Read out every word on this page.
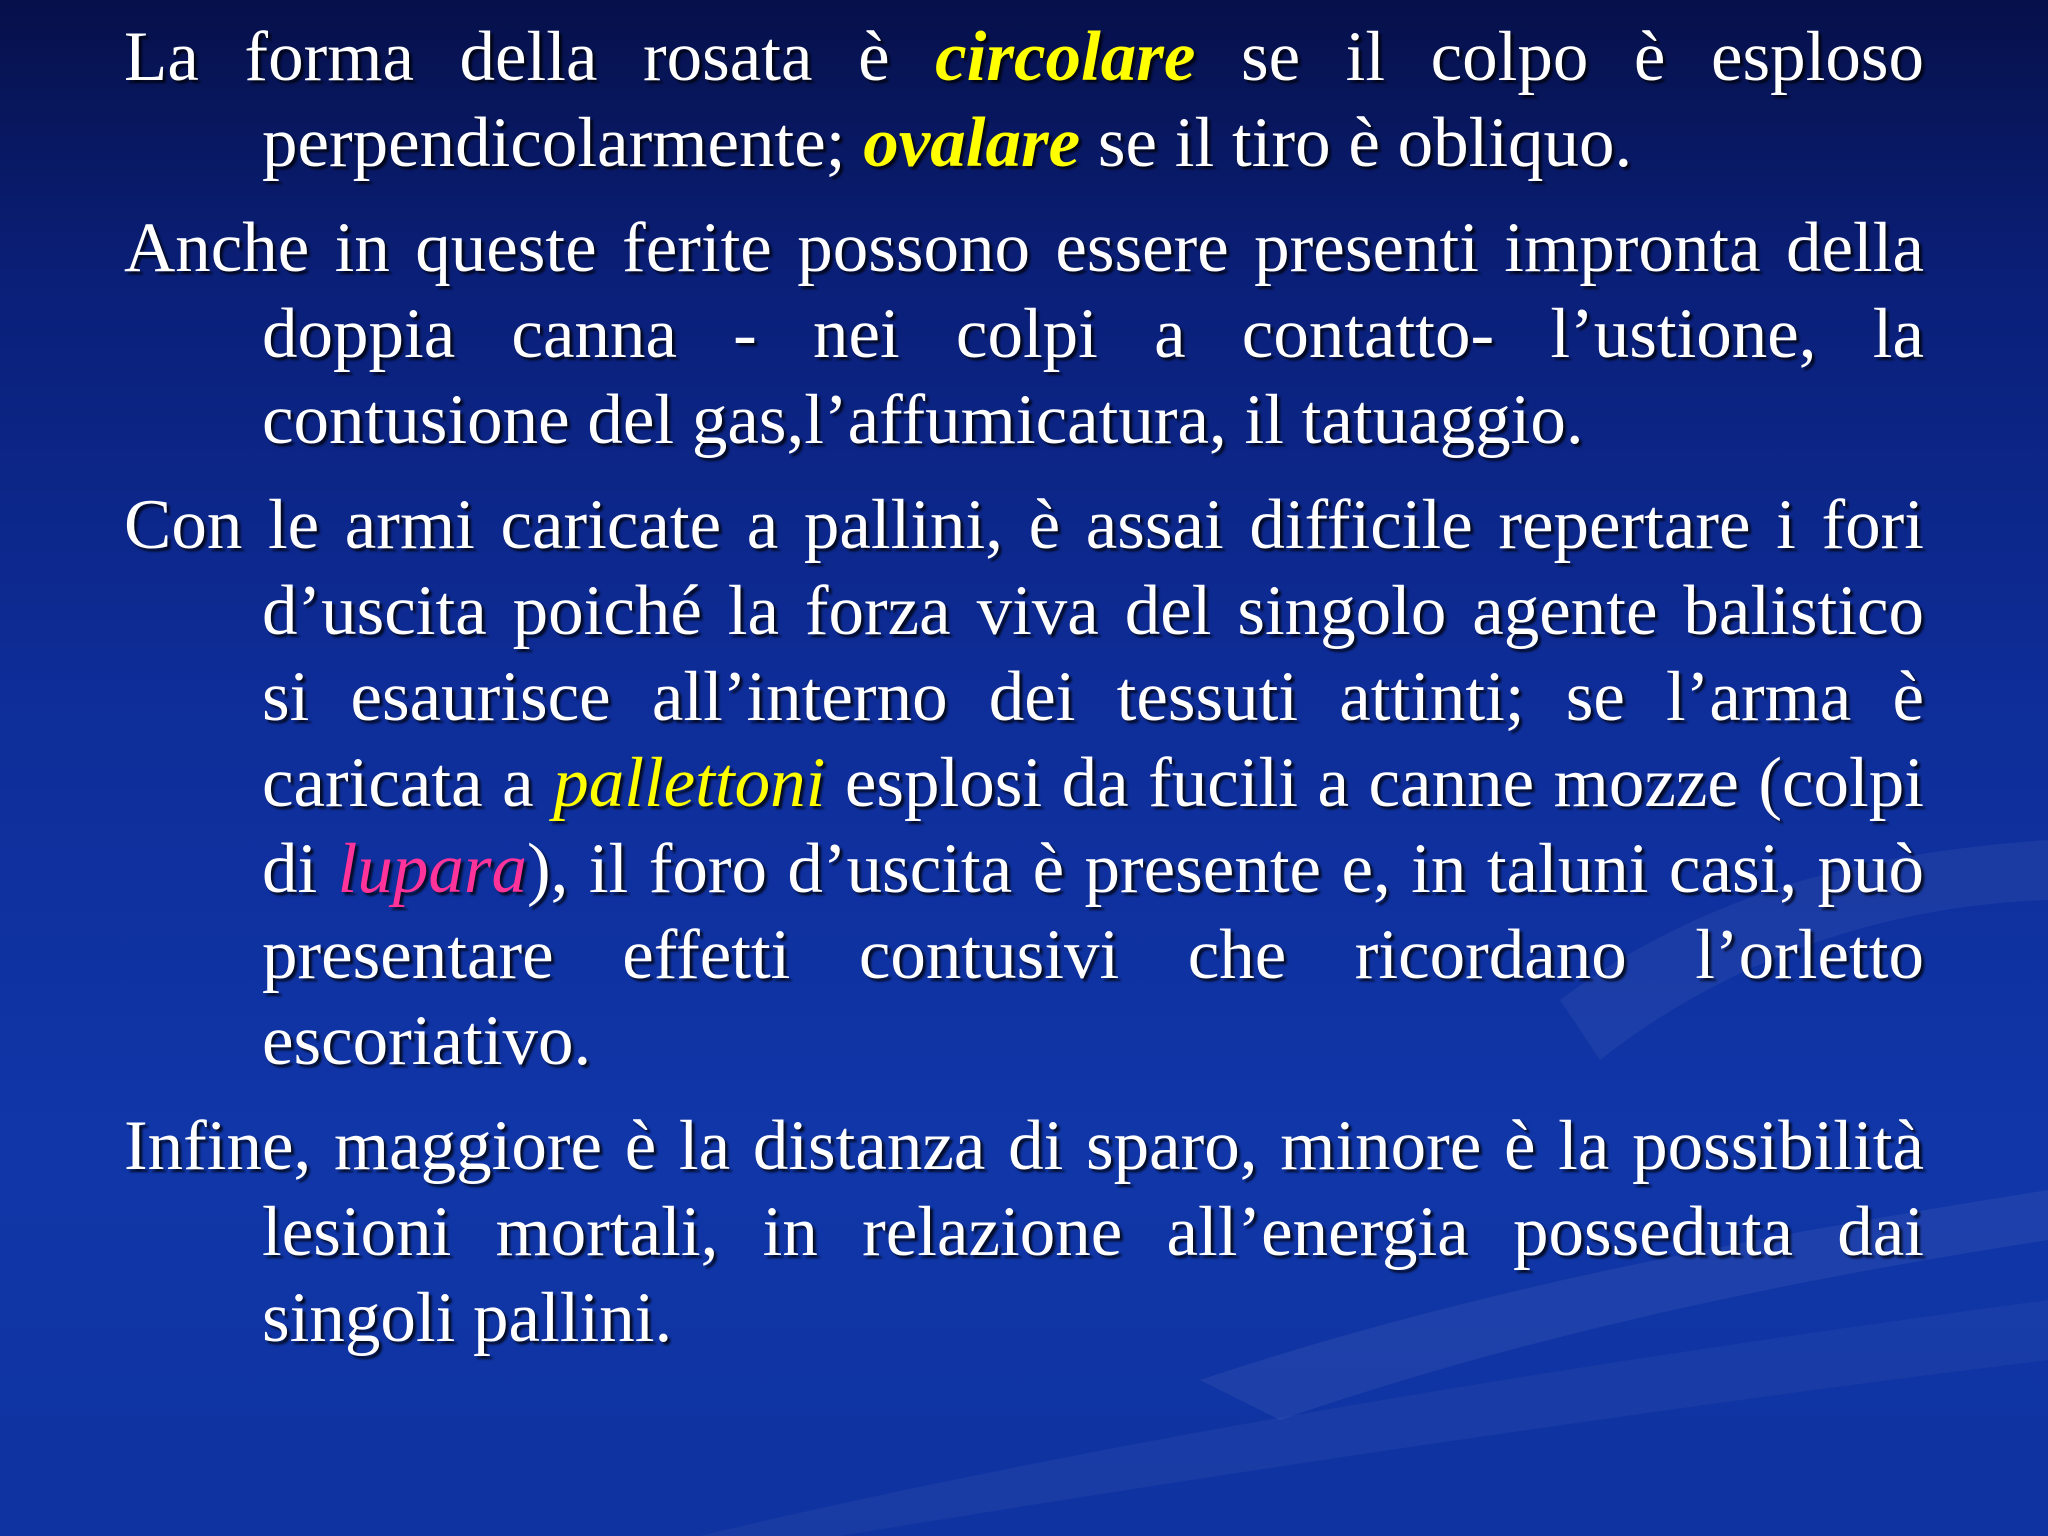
La forma della rosata è circolare se il colpo è esploso perpendicolarmente; ovalare se il tiro è obliquo.

Anche in queste ferite possono essere presenti impronta della doppia canna - nei colpi a contatto- l’ustione, la contusione del gas,l’affumicatura, il tatuaggio.

Con le armi caricate a pallini, è assai difficile repertare i fori d’uscita poiché la forza viva del singolo agente balistico si esaurisce all’interno dei tessuti attinti; se l’arma è caricata a pallettoni esplosi da fucili a canne mozze (colpi di lupara), il foro d’uscita è presente e, in taluni casi, può presentare effetti contusivi che ricordano l’orletto escoriativo.

Infine, maggiore è la distanza di sparo, minore è la possibilità lesioni mortali, in relazione all’energia posseduta dai singoli pallini.
